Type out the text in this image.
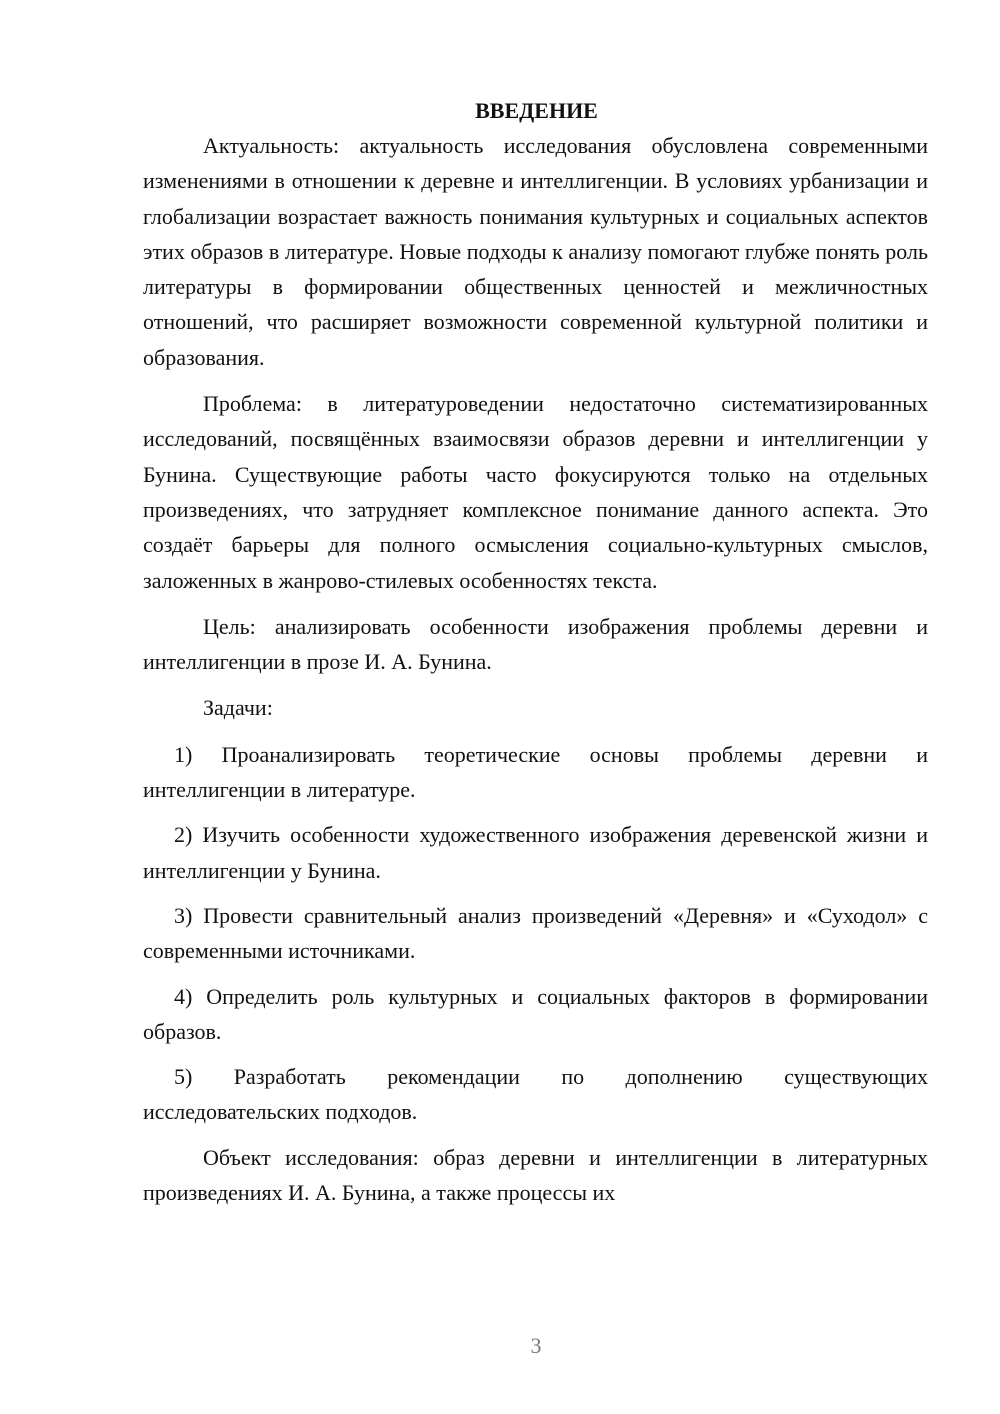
ВВЕДЕНИЕ

Актуальность: актуальность исследования обусловлена современными изменениями в отношении к деревне и интеллигенции. В условиях урбанизации и глобализации возрастает важность понимания культурных и социальных аспектов этих образов в литературе. Новые подходы к анализу помогают глубже понять роль литературы в формировании общественных ценностей и межличностных отношений, что расширяет возможности современной культурной политики и образования.

Проблема: в литературоведении недостаточно систематизированных исследований, посвящённых взаимосвязи образов деревни и интеллигенции у Бунина. Существующие работы часто фокусируются только на отдельных произведениях, что затрудняет комплексное понимание данного аспекта. Это создаёт барьеры для полного осмысления социально-культурных смыслов, заложенных в жанрово-стилевых особенностях текста.

Цель: анализировать особенности изображения проблемы деревни и интеллигенции в прозе И. А. Бунина.

Задачи:

1) Проанализировать теоретические основы проблемы деревни и интеллигенции в литературе.

2) Изучить особенности художественного изображения деревенской жизни и интеллигенции у Бунина.

3) Провести сравнительный анализ произведений «Деревня» и «Суходол» с современными источниками.

4) Определить роль культурных и социальных факторов в формировании образов.

5) Разработать рекомендации по дополнению существующих исследовательских подходов.

Объект исследования: образ деревни и интеллигенции в литературных произведениях И. А. Бунина, а также процессы их

3
